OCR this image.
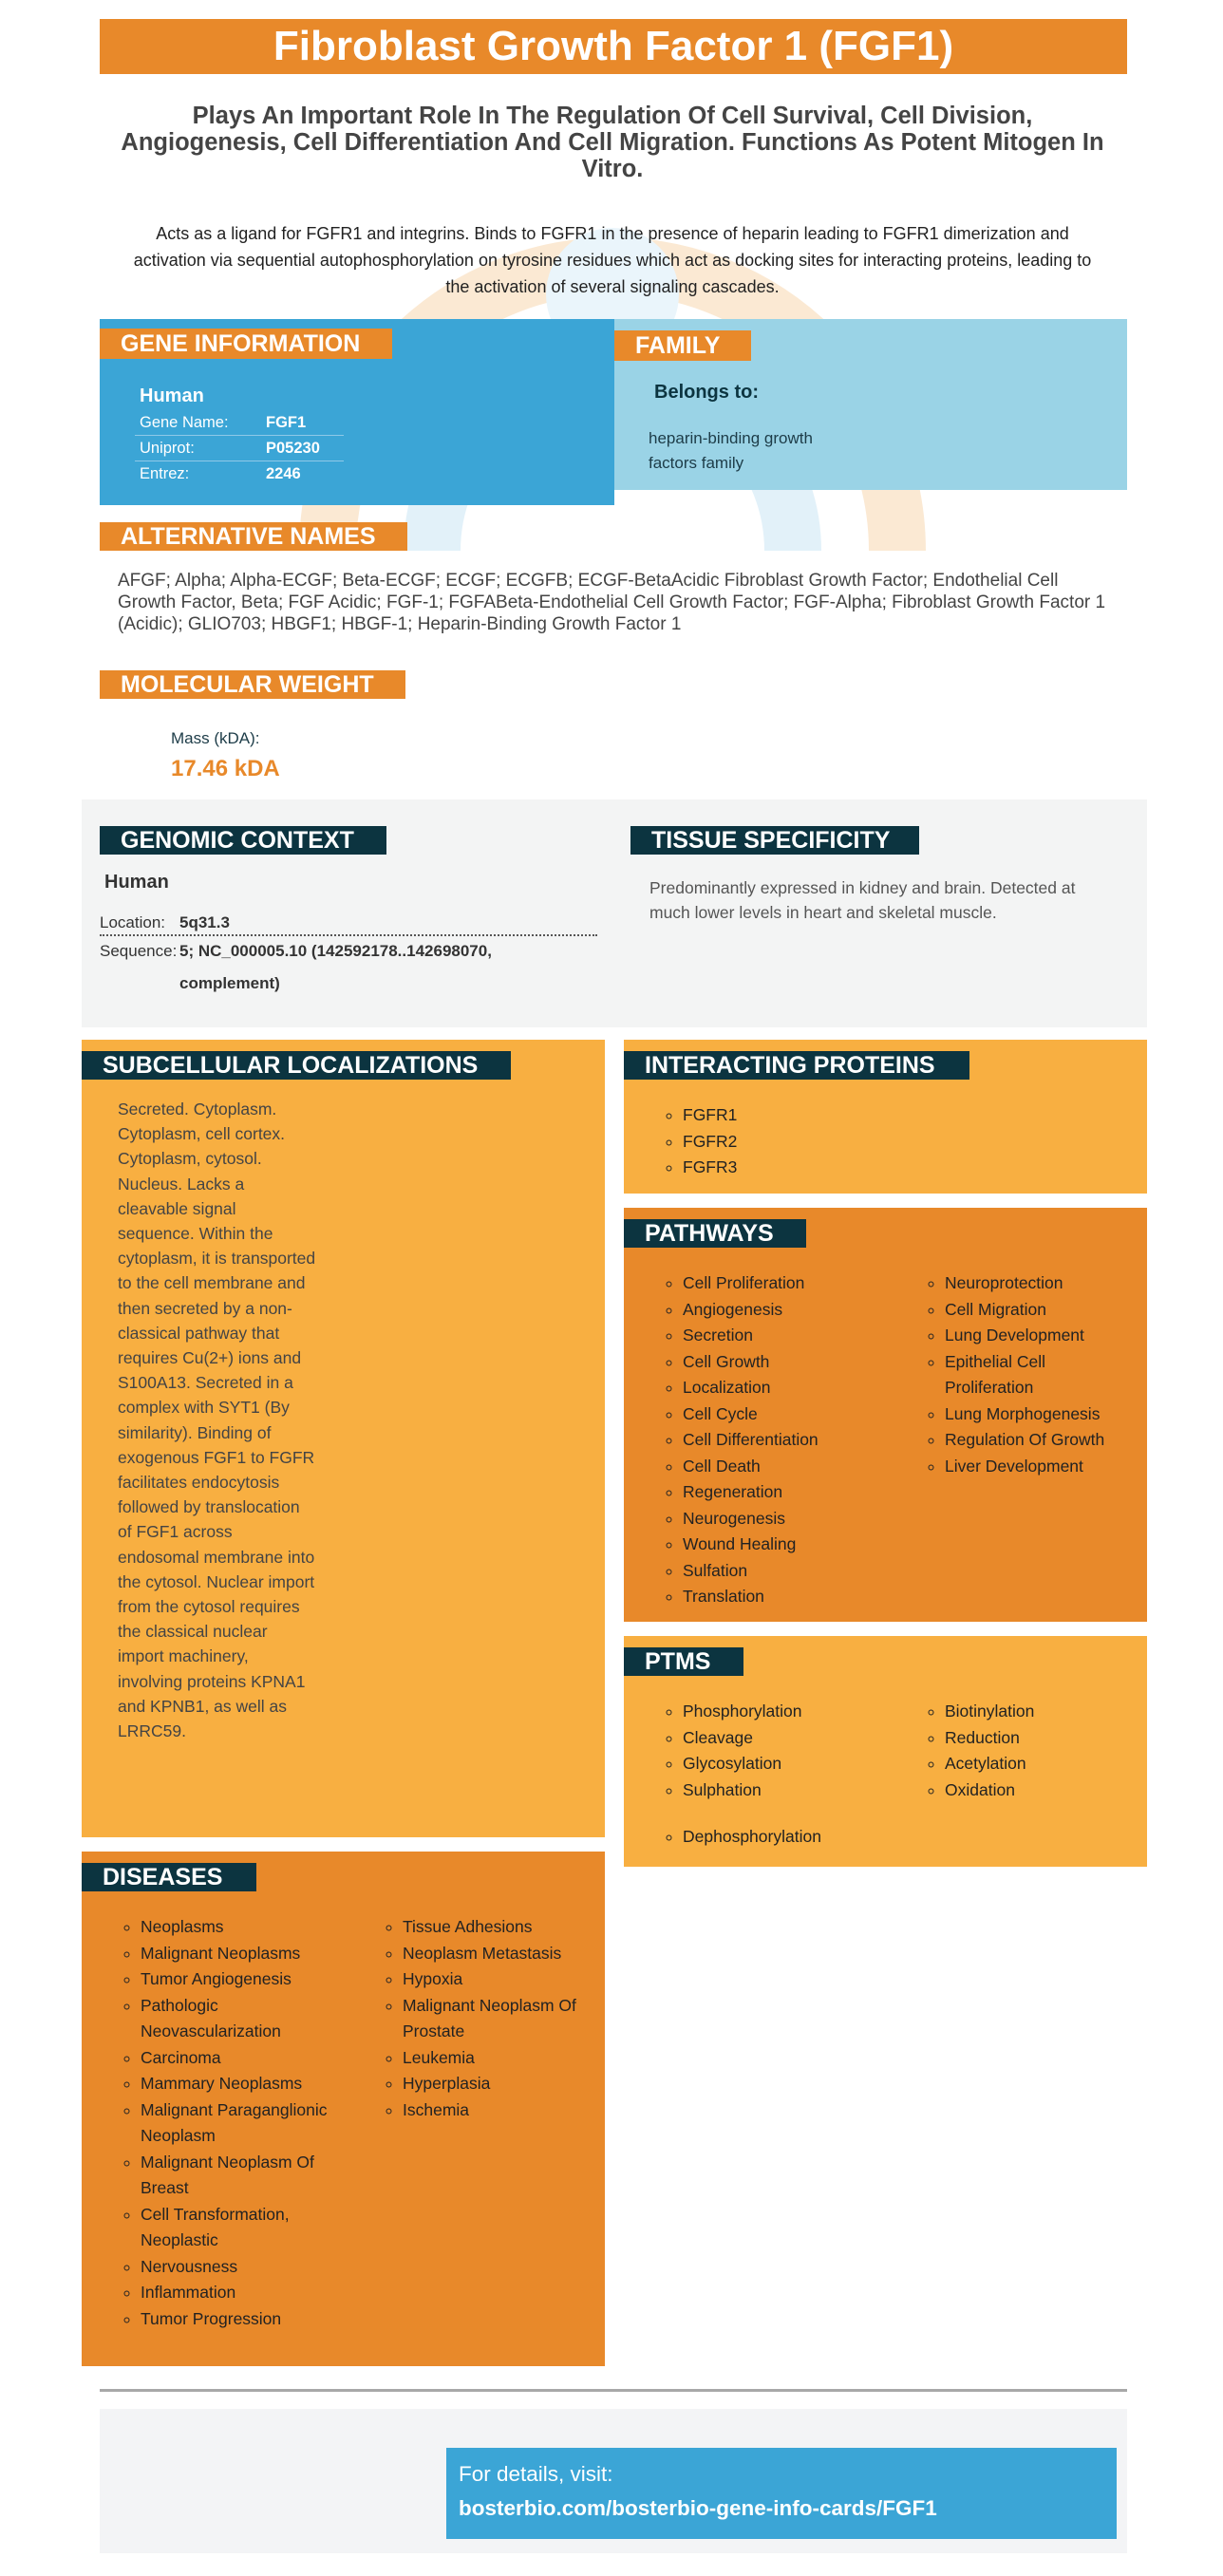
Fibroblast Growth Factor 1 (FGF1)
Plays An Important Role In The Regulation Of Cell Survival, Cell Division, Angiogenesis, Cell Differentiation And Cell Migration. Functions As Potent Mitogen In Vitro.
Acts as a ligand for FGFR1 and integrins. Binds to FGFR1 in the presence of heparin leading to FGFR1 dimerization and activation via sequential autophosphorylation on tyrosine residues which act as docking sites for interacting proteins, leading to the activation of several signaling cascades.
GENE INFORMATION
Human
Gene Name: FGF1
Uniprot:	P05230
Entrez:	2246
FAMILY
Belongs to:
heparin-binding growth
factors family
ALTERNATIVE NAMES
AFGF; Alpha; Alpha-ECGF; Beta-ECGF; ECGF; ECGFB; ECGF-BetaAcidic Fibroblast Growth Factor; Endothelial Cell Growth Factor, Beta; FGF Acidic; FGF-1; FGFABeta-Endothelial Cell Growth Factor; FGF-Alpha; Fibroblast Growth Factor 1 (Acidic); GLIO703; HBGF1; HBGF-1; Heparin-Binding Growth Factor 1
MOLECULAR WEIGHT
Mass (kDA):
17.46 kDA
GENOMIC CONTEXT
Human
Location: 5q31.3
Sequence: 5; NC_000005.10 (142592178..142698070,
complement)
TISSUE SPECIFICITY
Predominantly expressed in kidney and brain. Detected at much lower levels in heart and skeletal muscle.
SUBCELLULAR LOCALIZATIONS
Secreted. Cytoplasm. Cytoplasm, cell cortex. Cytoplasm, cytosol. Nucleus. Lacks a cleavable signal sequence. Within the cytoplasm, it is transported to the cell membrane and then secreted by a non-classical pathway that requires Cu(2+) ions and S100A13. Secreted in a complex with SYT1 (By similarity). Binding of exogenous FGF1 to FGFR facilitates endocytosis followed by translocation of FGF1 across endosomal membrane into the cytosol. Nuclear import from the cytosol requires the classical nuclear import machinery, involving proteins KPNA1 and KPNB1, as well as LRRC59.
INTERACTING PROTEINS
◦ FGFR1
◦ FGFR2
◦ FGFR3
PATHWAYS
◦ Cell Proliferation
◦ Angiogenesis
◦ Secretion
◦ Cell Growth
◦ Localization
◦ Cell Cycle
◦ Cell Differentiation
◦ Cell Death
◦ Regeneration
◦ Neurogenesis
◦ Wound Healing
◦ Sulfation
◦ Translation
◦ Neuroprotection
◦ Cell Migration
◦ Lung Development
◦ Epithelial Cell Proliferation
◦ Lung Morphogenesis
◦ Regulation Of Growth
◦ Liver Development
PTMS
◦ Phosphorylation
◦ Cleavage
◦ Glycosylation
◦ Sulphation
◦ Biotinylation
◦ Reduction
◦ Acetylation
◦ Oxidation
◦ Dephosphorylation
DISEASES
◦ Neoplasms
◦ Malignant Neoplasms
◦ Tumor Angiogenesis
◦ Pathologic Neovascularization
◦ Carcinoma
◦ Mammary Neoplasms
◦ Malignant Paraganglionic Neoplasm
◦ Malignant Neoplasm Of Breast
◦ Cell Transformation, Neoplastic
◦ Nervousness
◦ Inflammation
◦ Tumor Progression
◦ Tissue Adhesions
◦ Neoplasm Metastasis
◦ Hypoxia
◦ Malignant Neoplasm Of Prostate
◦ Leukemia
◦ Hyperplasia
◦ Ischemia
For details, visit:
bosterbio.com/bosterbio-gene-info-cards/FGF1
